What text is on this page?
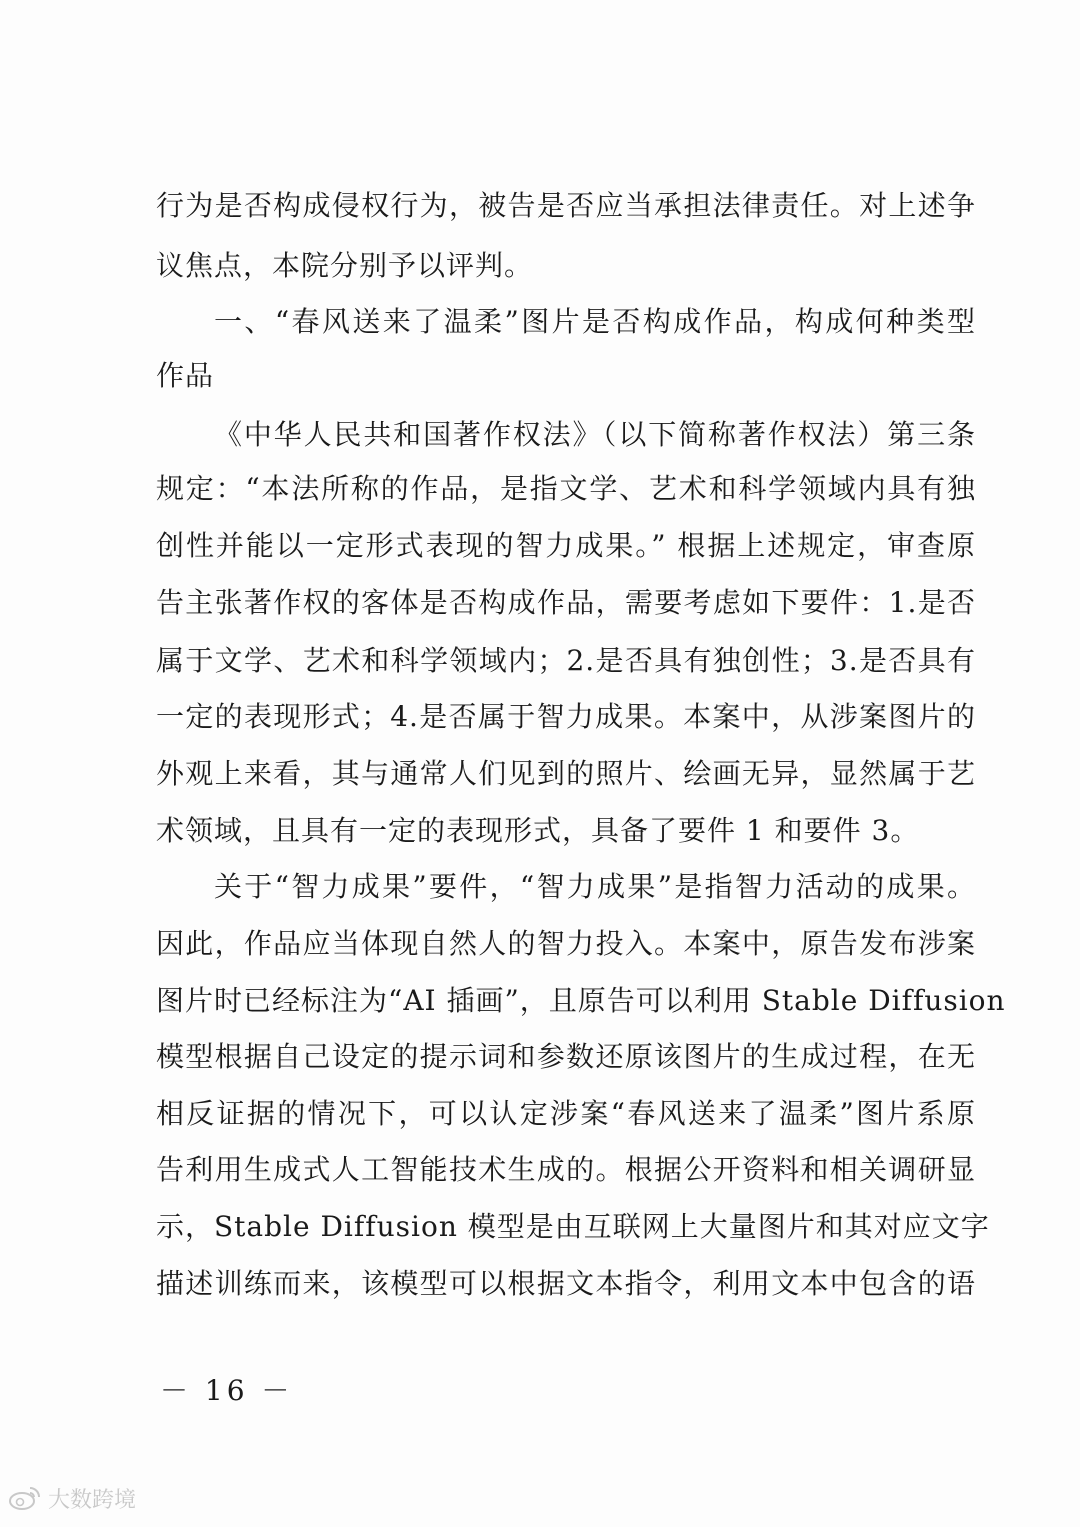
行为是否构成侵权行为，被告是否应当承担法律责任。对上述争
议焦点，本院分别予以评判。
一、“春风送来了温柔”图片是否构成作品，构成何种类型
作品
《中华人民共和国著作权法》（以下简称著作权法）第三条
规定：“本法所称的作品，是指文学、艺术和科学领域内具有独
创性并能以一定形式表现的智力成果。” 根据上述规定，审查原
告主张著作权的客体是否构成作品，需要考虑如下要件：1.是否
属于文学、艺术和科学领域内；2.是否具有独创性；3.是否具有
一定的表现形式；4.是否属于智力成果。本案中，从涉案图片的
外观上来看，其与通常人们见到的照片、绘画无异，显然属于艺
术领域，且具有一定的表现形式，具备了要件 1 和要件 3。
关于“智力成果”要件，“智力成果”是指智力活动的成果。
因此，作品应当体现自然人的智力投入。本案中，原告发布涉案
图片时已经标注为“AI 插画”，且原告可以利用 Stable Diffusion
模型根据自己设定的提示词和参数还原该图片的生成过程，在无
相反证据的情况下，可以认定涉案“春风送来了温柔”图片系原
告利用生成式人工智能技术生成的。根据公开资料和相关调研显
示，Stable Diffusion 模型是由互联网上大量图片和其对应文字
描述训练而来，该模型可以根据文本指令，利用文本中包含的语
－ 16 －
大数跨境
